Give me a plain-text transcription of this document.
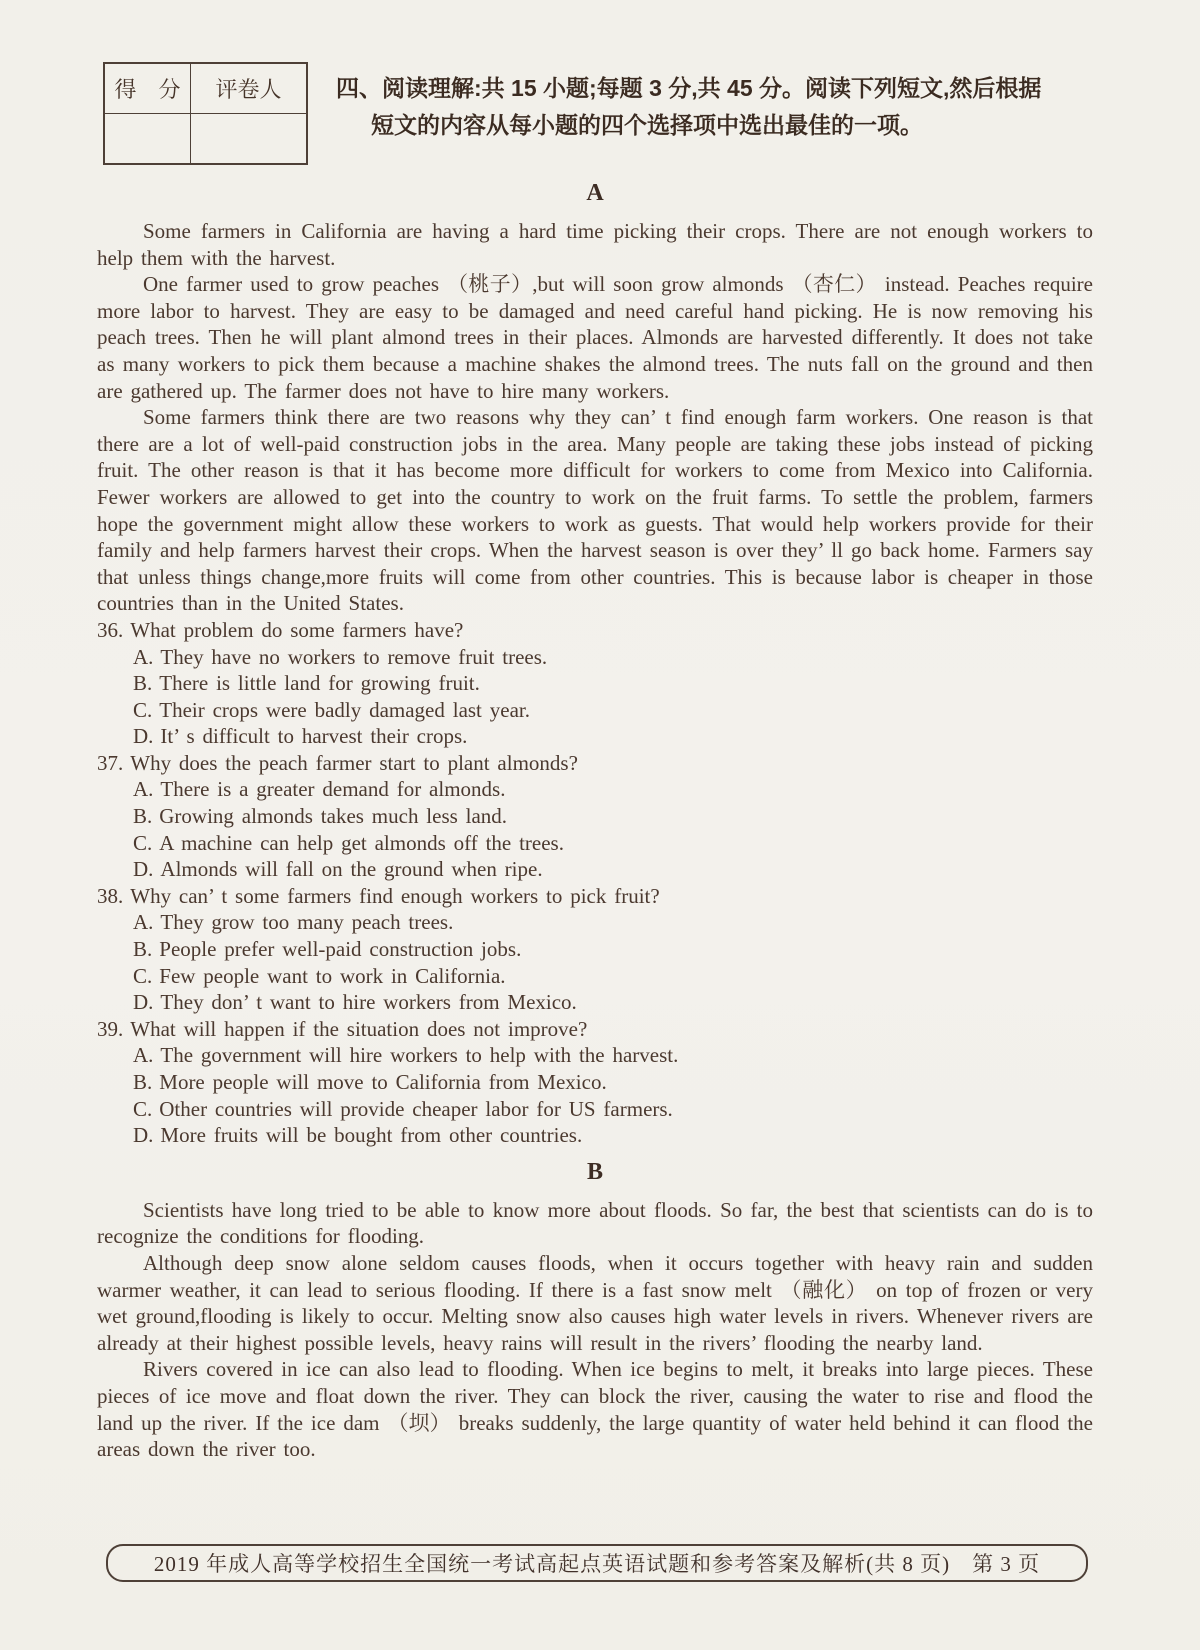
得　分	评卷人	四、阅读理解:共 15 小题;每题 3 分,共 45 分。阅读下列短文,然后根据
短文的内容从每小题的四个选择项中选出最佳的一项。
A

Some farmers in California are having a hard time picking their crops. There are not enough workers to help them with the harvest.

One farmer used to grow peaches （桃子）,but will soon grow almonds （杏仁） instead. Peaches require more labor to harvest. They are easy to be damaged and need careful hand picking. He is now removing his peach trees. Then he will plant almond trees in their places. Almonds are harvested differently. It does not take as many workers to pick them because a machine shakes the almond trees. The nuts fall on the ground and then are gathered up. The farmer does not have to hire many workers.

Some farmers think there are two reasons why they can’ t find enough farm workers. One reason is that there are a lot of well-paid construction jobs in the area. Many people are taking these jobs instead of picking fruit. The other reason is that it has become more difficult for workers to come from Mexico into California. Fewer workers are allowed to get into the country to work on the fruit farms. To settle the problem, farmers hope the government might allow these workers to work as guests. That would help workers provide for their family and help farmers harvest their crops. When the harvest season is over they’ ll go back home. Farmers say that unless things change,more fruits will come from other countries. This is because labor is cheaper in those countries than in the United States.

36. What problem do some farmers have?
A. They have no workers to remove fruit trees.
B. There is little land for growing fruit.
C. Their crops were badly damaged last year.
D. It’ s difficult to harvest their crops.
37. Why does the peach farmer start to plant almonds?
A. There is a greater demand for almonds.
B. Growing almonds takes much less land.
C. A machine can help get almonds off the trees.
D. Almonds will fall on the ground when ripe.
38. Why can’ t some farmers find enough workers to pick fruit?
A. They grow too many peach trees.
B. People prefer well-paid construction jobs.
C. Few people want to work in California.
D. They don’ t want to hire workers from Mexico.
39. What will happen if the situation does not improve?
A. The government will hire workers to help with the harvest.
B. More people will move to California from Mexico.
C. Other countries will provide cheaper labor for US farmers.
D. More fruits will be bought from other countries.
B

Scientists have long tried to be able to know more about floods. So far, the best that scientists can do is to recognize the conditions for flooding.

Although deep snow alone seldom causes floods, when it occurs together with heavy rain and sudden warmer weather, it can lead to serious flooding. If there is a fast snow melt （融化） on top of frozen or very wet ground,flooding is likely to occur. Melting snow also causes high water levels in rivers. Whenever rivers are already at their highest possible levels, heavy rains will result in the rivers’ flooding the nearby land.

Rivers covered in ice can also lead to flooding. When ice begins to melt, it breaks into large pieces. These pieces of ice move and float down the river. They can block the river, causing the water to rise and flood the land up the river. If the ice dam （坝） breaks suddenly, the large quantity of water held behind it can flood the areas down the river too.

2019 年成人高等学校招生全国统一考试高起点英语试题和参考答案及解析(共 8 页)　第 3 页
